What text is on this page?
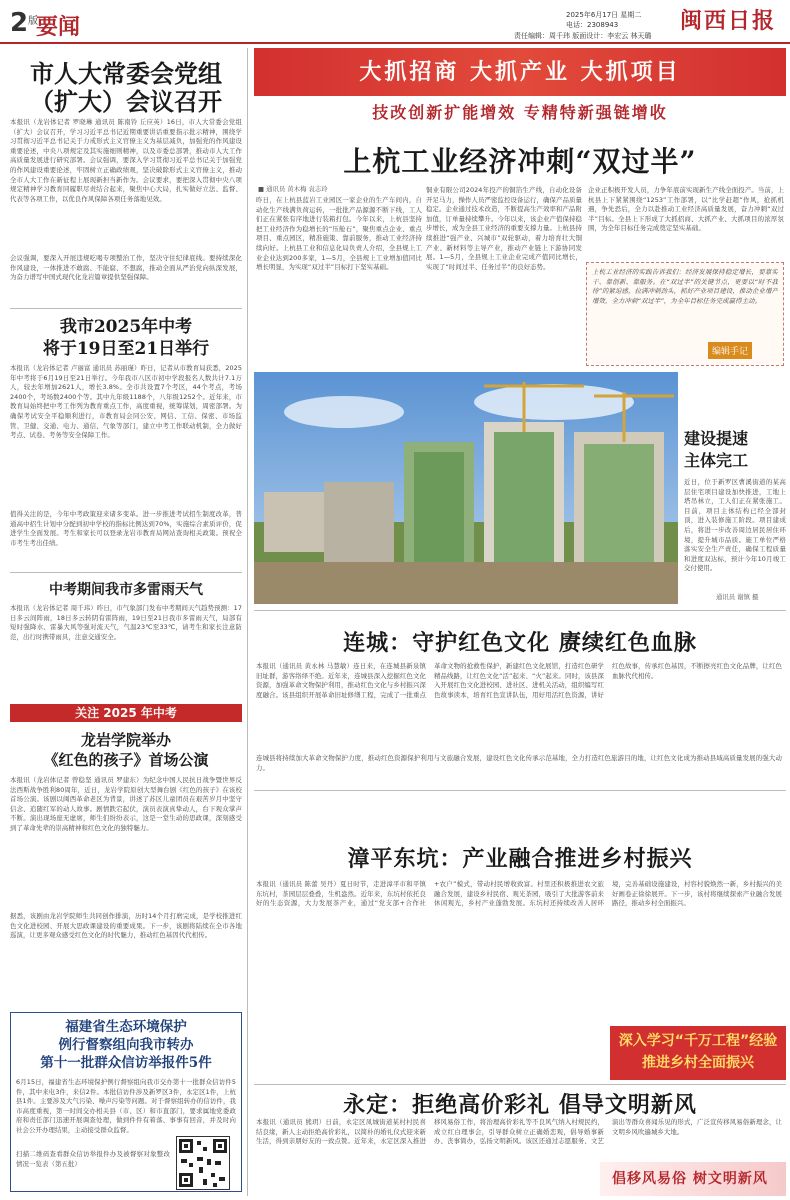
2 版
要闻	2025年6月17日 星期二
电话：2308943
责任编辑：周千玮 版面设计：李宏云 林天璐
闽西日报
市人大常委会党组
（扩大）会议召开
本报讯（龙岩体记者 罗晓琳 通讯员 陈南铃 丘应英）16日，市人大常委会党组（扩大）会议召开，学习习近平总书记近期重要讲话重要指示批示精神，围绕学习贯彻习近平总书记关于力戒形式主义官僚主义为基层减负，加强党的作风建设重要论述，中央八项规定及其实施细则精神，以及市委总部署，推动市人大工作高质量发展进行研究部署。会议强调，要深入学习贯彻习近平总书记关于加强党的作风建设重要论述，牢固树立正确政绩观，坚决破除形式主义官僚主义，推动全市人大工作在新征程上展现新担当新作为。会议要求，要把深入贯彻中央八项规定精神学习教育同履职尽责结合起来，聚焦中心大局，扎实做好立法、监督、代表等各项工作，以优良作风保障各项任务落地见效。
会议强调，要深入开展违规吃喝专项整治工作，坚决守住纪律底线。要持续深化作风建设，一体推进不敢腐、不能腐、不想腐，推动全面从严治党向纵深发展，为奋力谱写中国式现代化龙岩篇章提供坚强保障。
我市2025年中考
将于19日至21日举行
本报讯（龙岩体记者 卢丽富 通讯员 苏丽瑾）昨日，记者从市教育局获悉，2025年中考将于6月19日至21日举行。今年我市八区市初中学段报名人数共计7.1万人，较去年增加2621人，增长3.8%。全市共设置7个考区，44个考点，考场2400个，考场数2400个等。其中九年级1188个，八年级1252个。近年来，市教育局始终把中考工作列为教育重点工作，高度重视，统筹谋划，周密部署。为确保考试安全平稳顺利进行，市教育局会同公安、网信、工信、保密、市场监管、卫健、交通、电力、通信、气象等部门，建立中考工作联动机制，全力做好考点、试卷、考务等安全保障工作。
值得关注的是，今年中考政策迎来诸多变革。进一步推进考试招生制度改革，普通高中招生计划中分配到初中学校的指标比例达到70%，实施综合素质评价，促进学生全面发展。考生和家长可以登录龙岩市教育局网站查询相关政策。预祝全市考生考出佳绩。
中考期间我市多雷雨天气
本报讯（龙岩体记者 周千玮）昨日，市气象部门发布中考期间天气趋势预测：17日多云间阵雨，18日多云转阴有雷阵雨，19日至21日我市多雷雨天气，局部有短时强降水、雷暴大风等强对流天气，气温23℃至33℃，请考生和家长注意防范，出行时携带雨具，注意交通安全。
关注 2025 年中考
龙岩学院举办
《红色的孩子》首场公演
本报讯（龙岩体记者 曾稳坚 通讯员 罗建东）为纪念中国人民抗日战争暨世界反法西斯战争胜利80周年，近日，龙岩学院原创大型舞台剧《红色的孩子》在该校首场公演。该剧以闽西革命老区为背景，讲述了苏区儿童团员在艰苦岁月中坚守信念、追随红军的动人故事。剧情跌宕起伏，演员表演真挚动人，台下观众掌声不断。演出现场座无虚席，师生们纷纷表示，这是一堂生动的思政课，深刻感受到了革命先辈的崇高精神和红色文化的独特魅力。
据悉，该剧由龙岩学院师生共同创作排演，历时14个月打磨完成，是学校推进红色文化进校园、开展大思政课建设的重要成果。下一步，该剧将陆续在全市各地巡演，让更多观众感受红色文化的时代魅力，推动红色基因代代相传。
福建省生态环境保护
例行督察组向我市转办
第十一批群众信访举报件5件
6月15日，福建省生态环境保护例行督察组向我市交办第十一批群众信访件5件，其中来电3件，来信2件。本批信访件涉及新罗区3件，永定区1件，上杭县1件。主要涉及大气污染、噪声污染等问题。对于督察组转办的信访件，我市高度重视，第一时间交办相关县（市、区）和市直部门，要求属地党委政府和责任部门迅速开展调查处理，做到件件有着落、事事有回音，并及时向社会公开办理结果，主动接受群众监督。
扫描二维码查看群众信访举报件办及被督察对象整改情况一览表（第五批）
大抓招商 大抓产业 大抓项目
技改创新扩能增效 专精特新强链增收
上杭工业经济冲刺“双过半”
■ 通讯员 黄木梅 袁志玲
昨日，在上杭县蓝岩工业园区一家企业的生产车间内，自动化生产线满负荷运转，一批批产品源源不断下线，工人们正在紧张有序地进行装箱打包。今年以来，上杭县坚持把工业经济作为稳增长的“压舱石”，聚焦重点企业、重点项目、重点园区，精准施策、靠前服务，推动工业经济持续向好。上杭县工业和信息化局负责人介绍，全县规上工业企业达到200多家，1—5月，全县规上工业增加值同比增长明显，为实现“双过半”目标打下坚实基础。
铜业有限公司2024年投产的铜箔生产线，自动化设备开足马力，操作人员严密监控设备运行，确保产品质量稳定。企业通过技术改造，不断提高生产效率和产品附加值，订单量持续攀升。今年以来，该企业产值保持稳步增长，成为全县工业经济的重要支撑力量。上杭县持续推进“强产业、兴城市”双轮驱动，着力培育壮大铜产业、新材料等主导产业，推动产业链上下游协同发展。1—5月，全县规上工业企业完成产值同比增长，实现了“时间过半、任务过半”的良好态势。
企业正积极开发人员，力争年底前实现新生产线全面投产。当前，上杭县上下紧紧围绕“1253”工作部署，以“比学赶超”作风，抢抓机遇，争先恐后，全力以赴推动工业经济高质量发展，奋力冲刺“双过半”目标。全县上下形成了大抓招商、大抓产业、大抓项目的浓厚氛围，为全年目标任务完成奠定坚实基础。
上杭工业经济的实践告诉我们：经济发展保持稳定增长，要靠实干、靠创新、靠服务。在“双过半”的关键节点，更要以“时不我待”的紧迫感，拉满冲刺劲头，抓好产业项目建设，推动企业增产增效，全力冲刺“双过半”，为全年目标任务完成赢得主动。
编辑手记
建设提速
主体完工
近日，位于新罗区曹溪街道的某高层住宅项目建设加快推进，工地上塔吊林立，工人们正在紧张施工。目前，项目主体结构已经全部封顶，进入装修施工阶段。项目建成后，将进一步改善周边居民居住环境，提升城市品质。施工单位严格落实安全生产责任，确保工程质量和进度双达标，预计今年10月竣工交付使用。
通讯员 谢镇 摄
连城：守护红色文化 赓续红色血脉
本报讯（通讯员 黄永林 马慧敏）连日来，在连城县新泉镇旧址群，游客络绎不绝。近年来，连城县深入挖掘红色文化资源，加强革命文物保护利用，推动红色文化与乡村振兴深度融合。该县组织开展革命旧址修缮工程，完成了一批重点革命文物的抢救性保护，新建红色文化展馆，打造红色研学精品线路，让红色文化“活”起来、“火”起来。同时，该县深入开展红色文化进校园、进社区、进机关活动，组织编写红色故事读本，培育红色宣讲队伍，用好用活红色资源，讲好红色故事，传承红色基因，不断擦亮红色文化品牌，让红色血脉代代相传。
连城县将持续加大革命文物保护力度，推动红色资源保护利用与文旅融合发展，建设红色文化传承示范基地，全力打造红色旅游目的地，让红色文化成为推动县域高质量发展的强大动力。
漳平东坑：产业融合推进乡村振兴
本报讯（通讯员 陈蕾 吴丹）夏日时节，走进漳平市和平镇东坑村，茶园层层叠叠，生机盎然。近年来，东坑村依托良好的生态资源，大力发展茶产业，通过“党支部+合作社+农户”模式，带动村民增收致富。村里还积极推进农文旅融合发展，建设乡村民宿、观光茶园，吸引了大批游客前来休闲观光，乡村产业蓬勃发展。东坑村还持续改善人居环境，完善基础设施建设，村容村貌焕然一新，乡村振兴的美好画卷正徐徐展开。下一步，该村将继续探索产业融合发展路径，推动乡村全面振兴。
深入学习“千万工程”经验
推进乡村全面振兴
永定：拒绝高价彩礼 倡导文明新风
本报讯（通讯员 熊玥）日前，永定区凤城街道某村村民喜结良缘，新人主动拒绝高价彩礼，以简朴的婚礼仪式迎来新生活，得到亲朋好友的一致点赞。近年来，永定区深入推进移风易俗工作，将治理高价彩礼等不良风气纳入村规民约，成立红白理事会，引导群众树立正确婚恋观，倡导婚事新办、丧事简办，弘扬文明新风。该区还通过志愿服务、文艺演出等群众喜闻乐见的形式，广泛宣传移风易俗新理念，让文明乡风吹遍城乡大地。
倡移风易俗 树文明新风
